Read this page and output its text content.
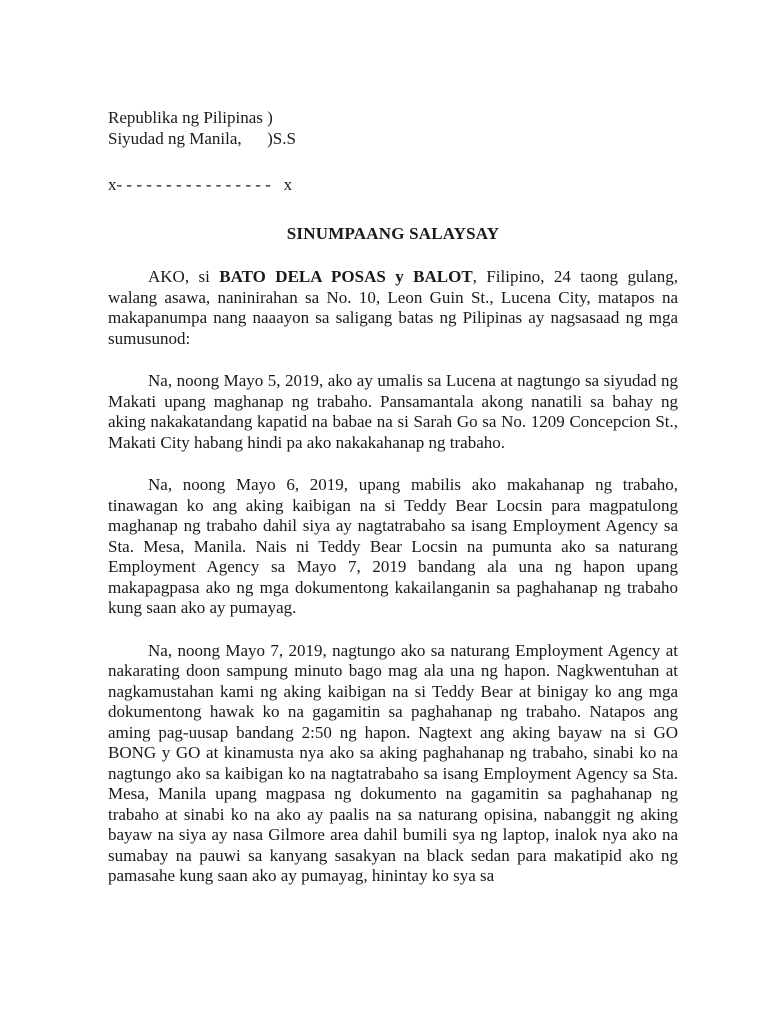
Republika ng Pilipinas )
Siyudad ng Manila,      )S.S
x- - - - - - - - - - - - - - - -   x
SINUMPAANG SALAYSAY

AKO, si BATO DELA POSAS y BALOT, Filipino, 24 taong gulang, walang asawa, naninirahan sa No. 10, Leon Guin St., Lucena City, matapos na makapanumpa nang naaayon sa saligang batas ng Pilipinas ay nagsasaad ng mga sumusunod:

Na, noong Mayo 5, 2019, ako ay umalis sa Lucena at nagtungo sa siyudad ng Makati upang maghanap ng trabaho. Pansamantala akong nanatili sa bahay ng aking nakakatandang kapatid na babae na si Sarah Go sa No. 1209 Concepcion St., Makati City habang hindi pa ako nakakahanap ng trabaho.

Na, noong Mayo 6, 2019, upang mabilis ako makahanap ng trabaho, tinawagan ko ang aking kaibigan na si Teddy Bear Locsin para magpatulong maghanap ng trabaho dahil siya ay nagtatrabaho sa isang Employment Agency sa Sta. Mesa, Manila. Nais ni Teddy Bear Locsin na pumunta ako sa naturang Employment Agency sa Mayo 7, 2019 bandang ala una ng hapon upang makapagpasa ako ng mga dokumentong kakailanganin sa paghahanap ng trabaho kung saan ako ay pumayag.

Na, noong Mayo 7, 2019, nagtungo ako sa naturang Employment Agency at nakarating doon sampung minuto bago mag ala una ng hapon. Nagkwentuhan at nagkamustahan kami ng aking kaibigan na si Teddy Bear at binigay ko ang mga dokumentong hawak ko na gagamitin sa paghahanap ng trabaho. Natapos ang aming pag-uusap bandang 2:50 ng hapon. Nagtext ang aking bayaw na si GO BONG y GO at kinamusta nya ako sa aking paghahanap ng trabaho, sinabi ko na nagtungo ako sa kaibigan ko na nagtatrabaho sa isang Employment Agency sa Sta. Mesa, Manila upang magpasa ng dokumento na gagamitin sa paghahanap ng trabaho at sinabi ko na ako ay paalis na sa naturang opisina, nabanggit ng aking bayaw na siya ay nasa Gilmore area dahil bumili sya ng laptop, inalok nya ako na sumabay na pauwi sa kanyang sasakyan na black sedan para makatipid ako ng pamasahe kung saan ako ay pumayag, hinintay ko sya sa
